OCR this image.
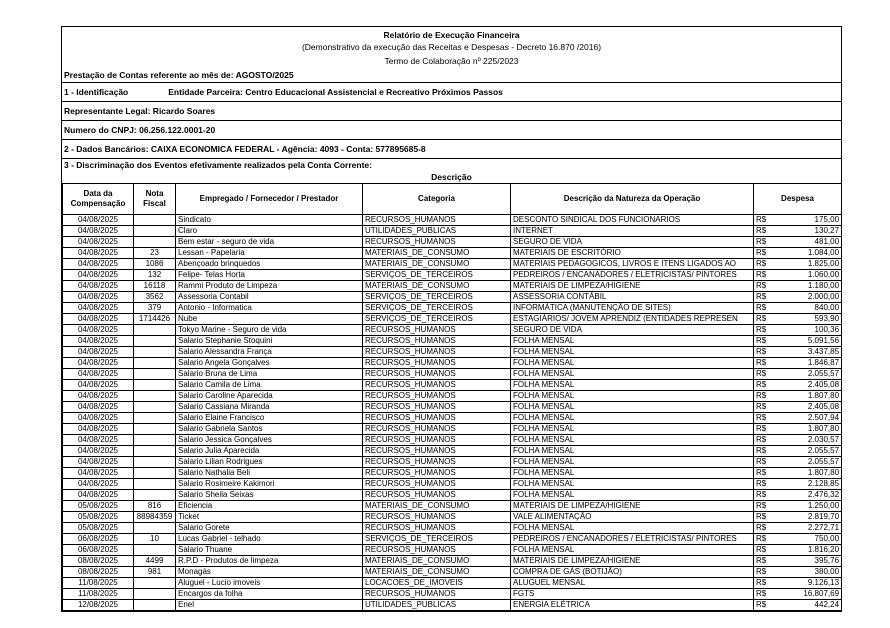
Relatório de Execução Financeira
(Demonstrativo da execução das Receitas e Despesas - Decreto 16.870 /2016)
Termo de Colaboração nº 225/2023
Prestação de Contas referente ao mês de: AGOSTO/2025
1 - Identificação	Entidade Parceira: Centro Educacional Assistencial e Recreativo Próximos Passos
Representante Legal: Ricardo Soares
Numero do CNPJ: 06.256.122.0001-20
2 - Dados Bancários: CAIXA ECONOMICA FEDERAL - Agência: 4093 - Conta: 577895685-8
3 - Discriminação dos Eventos efetivamente realizados pela Conta Corrente:
Descrição
Data da Compensação	Nota Fiscal	Empregado / Fornecedor / Prestador	Categoria	Descrição da Natureza da Operação	Despesa	
04/08/2025		Sindicato	RECURSOS_HUMANOS	DESCONTO SINDICAL DOS FUNCIONARIOS	R$	175,00
04/08/2025		Claro	UTILIDADES_PUBLICAS	INTERNET	R$	130,27
04/08/2025		Bem estar - seguro de vida	RECURSOS_HUMANOS	SEGURO DE VIDA	R$	481,00
04/08/2025	23	Lessan - Papelaria	MATERIAIS_DE_CONSUMO	MATERIAIS DE ESCRITÓRIO	R$	1.084,00
04/08/2025	1086	Abençoado brinquedos	MATERIAIS_DE_CONSUMO	MATERIAIS PEDAGOGICOS, LIVROS E ITENS LIGADOS AO	R$	1.825,00
04/08/2025	132	Felipe- Telas Horta	SERVIÇOS_DE_TERCEIROS	PEDREIROS / ENCANADORES / ELETRICISTAS/ PINTORES	R$	1.060,00
04/08/2025	16118	Rammi Produto de Limpeza	MATERIAIS_DE_CONSUMO	MATERIAIS DE LIMPEZA/HIGIENE	R$	1.180,00
04/08/2025	3562	Assessoria Contabil	SERVIÇOS_DE_TERCEIROS	ASSESSORIA CONTÁBIL	R$	2.000,00
04/08/2025	379	Antonio - Informatica	SERVIÇOS_DE_TERCEIROS	INFORMÁTICA (MANUTENÇÃO DE SITES)	R$	840,00
04/08/2025	1714426	Nube	SERVIÇOS_DE_TERCEIROS	ESTAGIÁRIOS/ JOVEM APRENDIZ (ENTIDADES REPRESEN	R$	593,90
04/08/2025		Tokyo Marine - Seguro de vida	RECURSOS_HUMANOS	SEGURO DE VIDA	R$	100,36
04/08/2025		Salario Stephanie Stoquini	RECURSOS_HUMANOS	FOLHA MENSAL	R$	5.091,56
04/08/2025		Salario Alessandra França	RECURSOS_HUMANOS	FOLHA MENSAL	R$	3.437,85
04/08/2025		Salario Angela Gonçalves	RECURSOS_HUMANOS	FOLHA MENSAL	R$	1.846,87
04/08/2025		Salario Bruna de Lima	RECURSOS_HUMANOS	FOLHA MENSAL	R$	2.055,57
04/08/2025		Salario Camila de Lima	RECURSOS_HUMANOS	FOLHA MENSAL	R$	2.405,08
04/08/2025		Salario Caroline Aparecida	RECURSOS_HUMANOS	FOLHA MENSAL	R$	1.807,80
04/08/2025		Salario Cassiana Miranda	RECURSOS_HUMANOS	FOLHA MENSAL	R$	2.405,08
04/08/2025		Salario Elaine Francisco	RECURSOS_HUMANOS	FOLHA MENSAL	R$	2.507,94
04/08/2025		Salario Gabriela Santos	RECURSOS_HUMANOS	FOLHA MENSAL	R$	1.807,80
04/08/2025		Salario Jessica Gonçalves	RECURSOS_HUMANOS	FOLHA MENSAL	R$	2.030,57
04/08/2025		Salario Julia Aparecida	RECURSOS_HUMANOS	FOLHA MENSAL	R$	2.055,57
04/08/2025		Salario Lilian Rodrigues	RECURSOS_HUMANOS	FOLHA MENSAL	R$	2.055,57
04/08/2025		Salario Nathalia Beli	RECURSOS_HUMANOS	FOLHA MENSAL	R$	1.807,80
04/08/2025		Salario Rosimeire Kakimori	RECURSOS_HUMANOS	FOLHA MENSAL	R$	2.128,85
04/08/2025		Salario Sheila Seixas	RECURSOS_HUMANOS	FOLHA MENSAL	R$	2.476,32
05/08/2025	816	Eficiencia	MATERIAIS_DE_CONSUMO	MATERIAIS DE LIMPEZA/HIGIENE	R$	1.250,00
05/08/2025	88984359	Ticket	RECURSOS_HUMANOS	VALE ALIMENTAÇÃO	R$	2.819,70
05/08/2025		Salario Gorete	RECURSOS_HUMANOS	FOLHA MENSAL	R$	2.272,71
06/08/2025	10	Lucas Gabriel - telhado	SERVIÇOS_DE_TERCEIROS	PEDREIROS / ENCANADORES / ELETRICISTAS/ PINTORES	R$	750,00
06/08/2025		Salario Thuane	RECURSOS_HUMANOS	FOLHA MENSAL	R$	1.816,20
08/08/2025	4499	R.P.D - Produtos de limpeza	MATERIAIS_DE_CONSUMO	MATERIAIS DE LIMPEZA/HIGIENE	R$	395,76
08/08/2025	981	Monagás	MATERIAIS_DE_CONSUMO	COMPRA DE GÁS (BOTIJÃO)	R$	380,00
11/08/2025		Aluguel - Lucio imoveis	LOCACOES_DE_IMOVEIS	ALUGUEL MENSAL	R$	9.126,13
11/08/2025		Encargos da folha	RECURSOS_HUMANOS	FGTS	R$	16.807,69
12/08/2025		Enel	UTILIDADES_PUBLICAS	ENERGIA ELÉTRICA	R$	442,24
